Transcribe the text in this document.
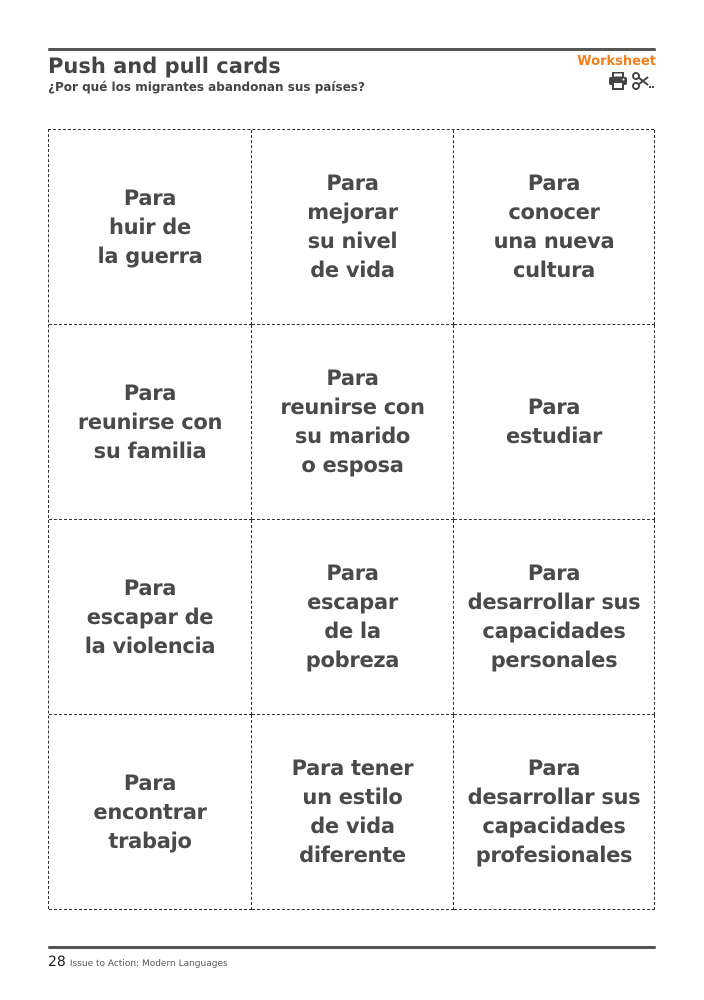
Push and pull cards
¿Por qué los migrantes abandonan sus países?
Worksheet
Para
huir de
la guerra
Para
mejorar
su nivel
de vida
Para
conocer
una nueva
cultura
Para
reunirse con
su familia
Para
reunirse con
su marido
o esposa
Para
estudiar
Para
escapar de
la violencia
Para
escapar
de la
pobreza
Para
desarrollar sus
capacidades
personales
Para
encontrar
trabajo
Para tener
un estilo
de vida
diferente
Para
desarrollar sus
capacidades
profesionales
28 Issue to Action: Modern Languages
